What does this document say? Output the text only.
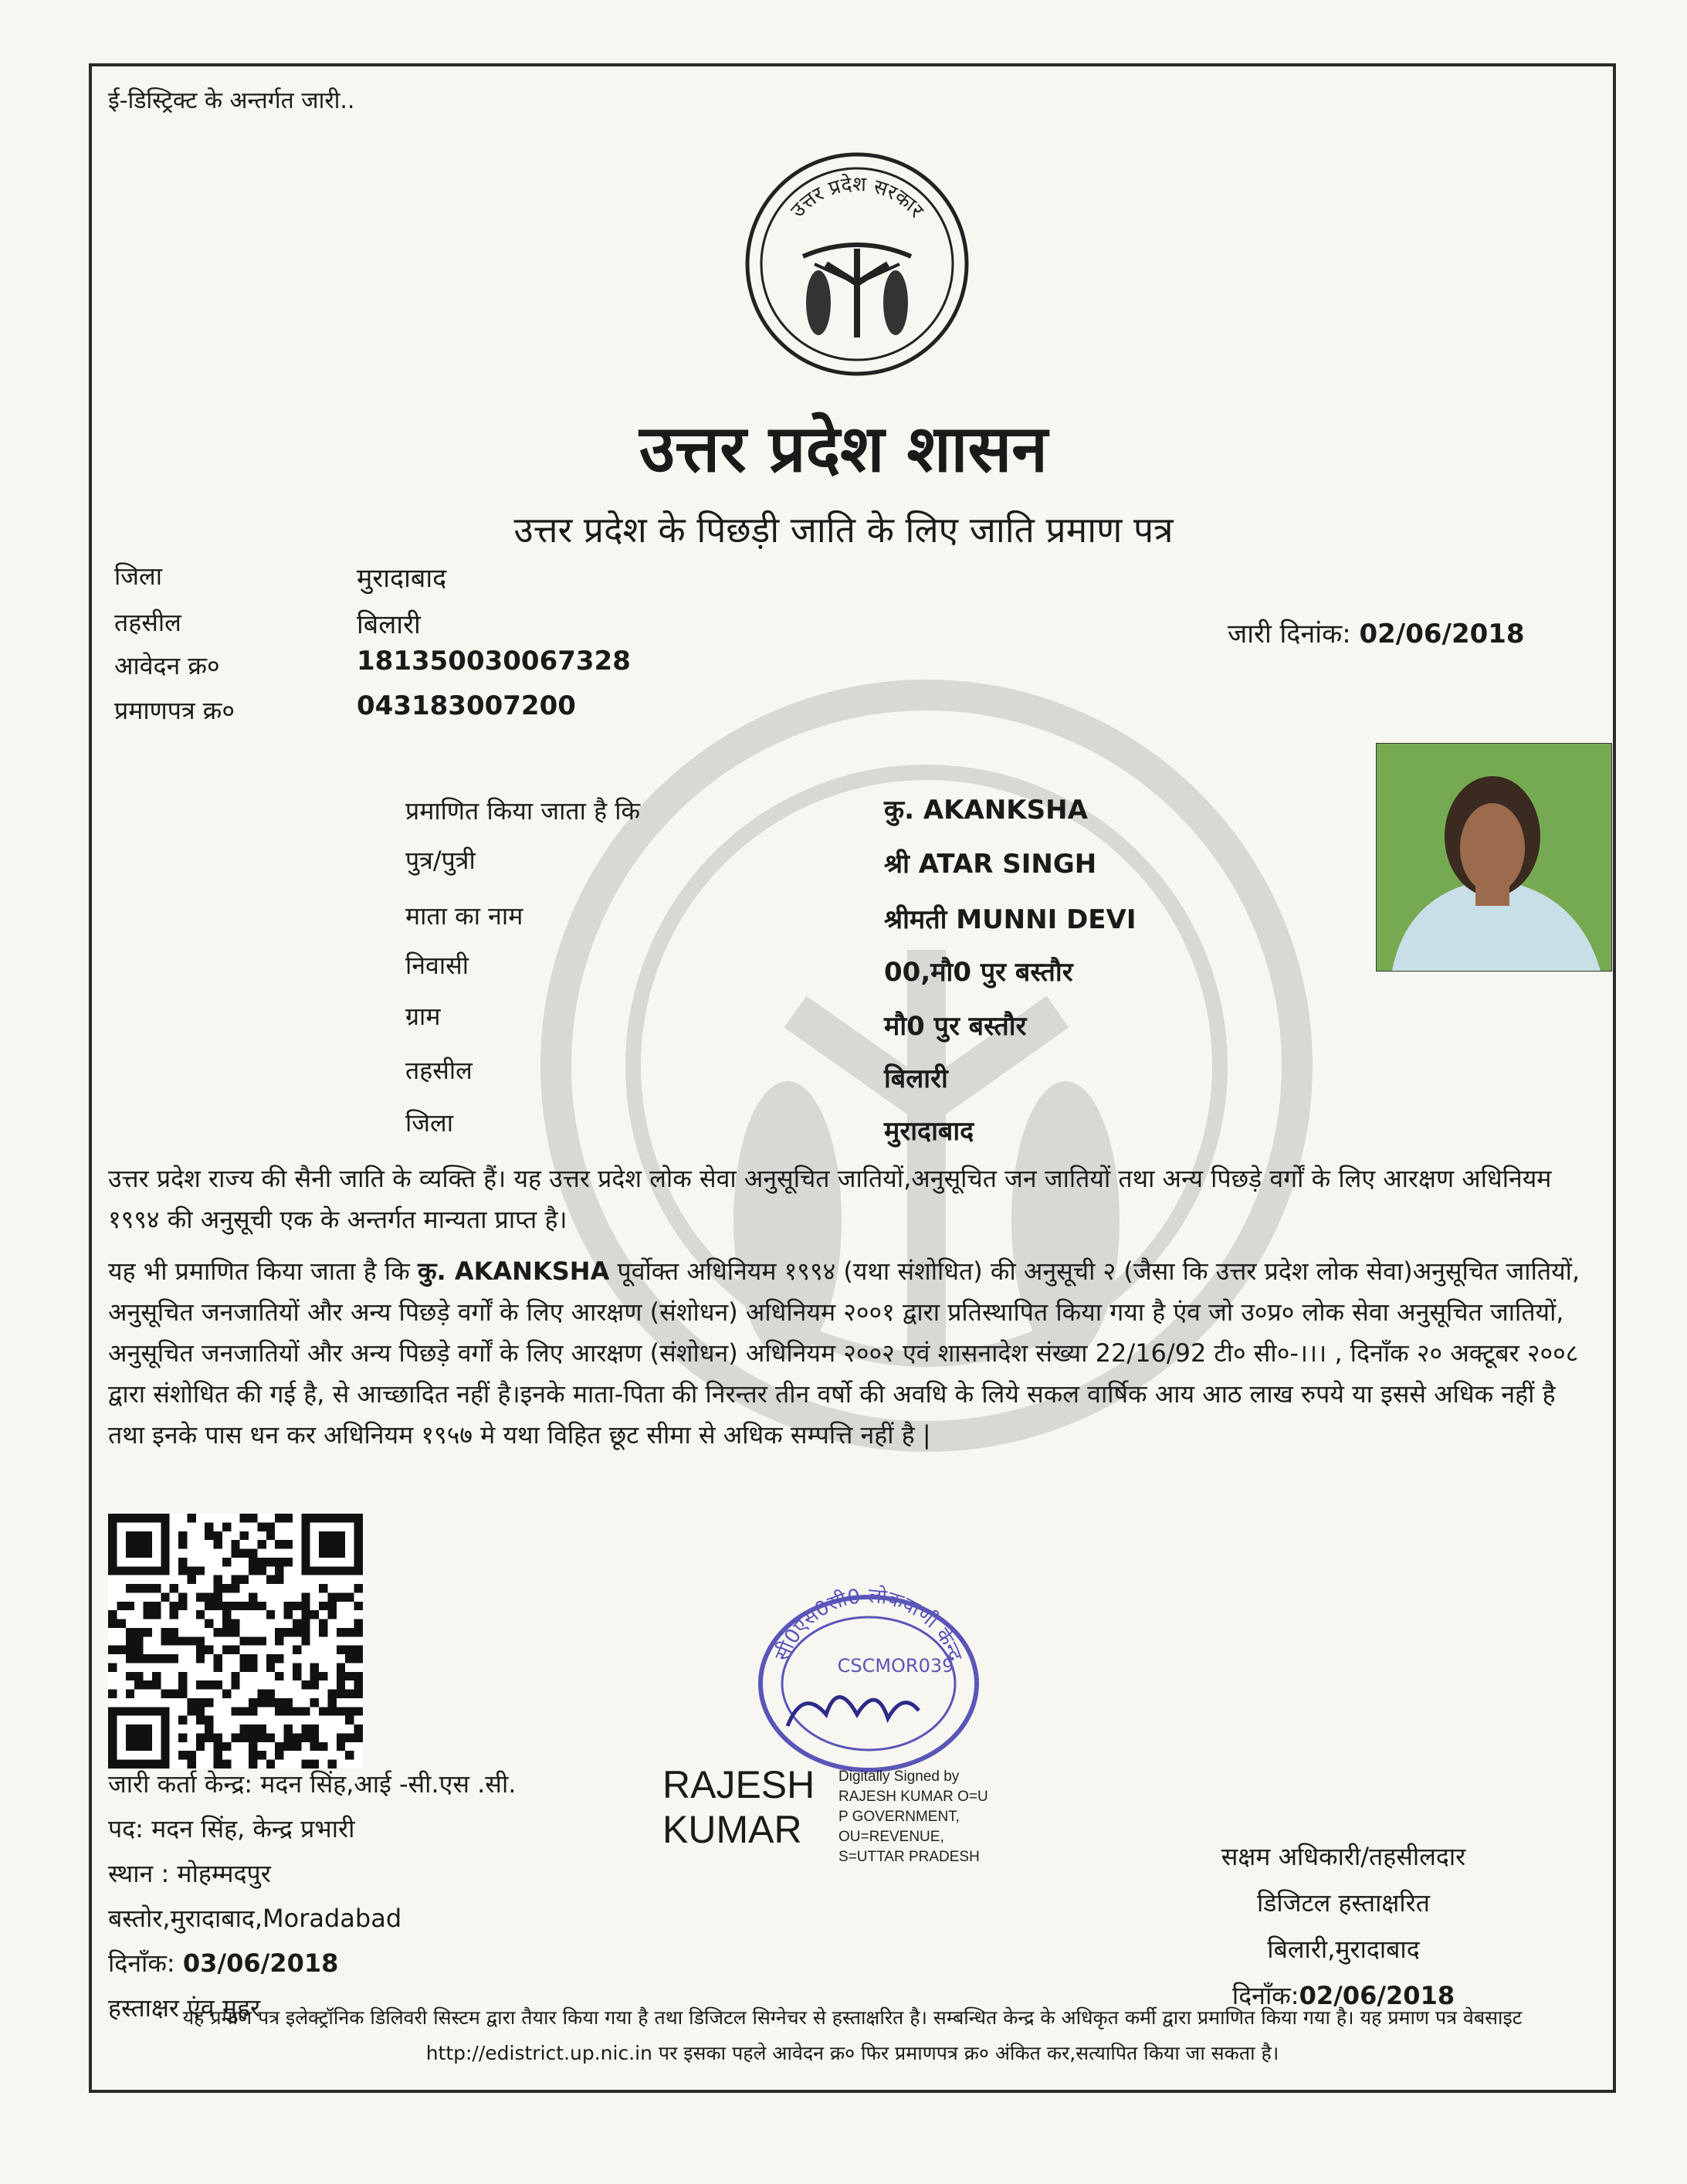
ई-डिस्ट्रिक्ट के अन्तर्गत जारी..
उत्तर प्रदेश सरकार
उत्तर प्रदेश शासन
उत्तर प्रदेश के पिछड़ी जाति के लिए जाति प्रमाण पत्र
जिला	मुरादाबाद
तहसील	बिलारी
आवेदन क्र०	181350030067328
प्रमाणपत्र क्र०	043183007200
जारी दिनांक: 02/06/2018
प्रमाणित किया जाता है कि	कु. AKANKSHA
पुत्र/पुत्री	श्री ATAR SINGH
माता का नाम	श्रीमती MUNNI DEVI
निवासी	00,मौ0 पुर बस्तौर
ग्राम	मौ0 पुर बस्तौर
तहसील	बिलारी
जिला	मुरादाबाद
उत्तर प्रदेश राज्य की सैनी जाति के व्यक्ति हैं। यह उत्तर प्रदेश लोक सेवा अनुसूचित जातियों,अनुसूचित जन जातियों तथा अन्य पिछड़े वर्गों के लिए आरक्षण अधिनियम १९९४ की अनुसूची एक के अन्तर्गत मान्यता प्राप्त है।
यह भी प्रमाणित किया जाता है कि कु. AKANKSHA पूर्वोक्त अधिनियम १९९४ (यथा संशोधित) की अनुसूची २ (जैसा कि उत्तर प्रदेश लोक सेवा)अनुसूचित जातियों, अनुसूचित जनजातियों और अन्य पिछड़े वर्गों के लिए आरक्षण (संशोधन) अधिनियम २००१ द्वारा प्रतिस्थापित किया गया है एंव जो उ०प्र० लोक सेवा अनुसूचित जातियों, अनुसूचित जनजातियों और अन्य पिछड़े वर्गों के लिए आरक्षण (संशोधन) अधिनियम २००२ एवं शासनादेश संख्या 22/16/92 टी० सी०-।।। , दिनाँक २० अक्टूबर २००८ द्वारा संशोधित की गई है, से आच्छादित नहीं है।इनके माता-पिता की निरन्तर तीन वर्षो की अवधि के लिये सकल वार्षिक आय आठ लाख रुपये या इससे अधिक नहीं है तथा इनके पास धन कर अधिनियम १९५७ मे यथा विहित छूट सीमा से अधिक सम्पत्ति नहीं है |
जारी कर्ता केन्द्र: मदन सिंह,आई -सी.एस .सी.
पद: मदन सिंह, केन्द्र प्रभारी
स्थान : मोहम्मदपुर
बस्तोर,मुरादाबाद,Moradabad
दिनाँक: 03/06/2018
हस्ताक्षर एंव मुहर
सी0एस0सी0 लोकवाणी केन्द्र
CSCMOR039
RAJESH
KUMAR
Digitally Signed by
RAJESH KUMAR O=U
P GOVERNMENT,
OU=REVENUE,
S=UTTAR PRADESH	सक्षम अधिकारी/तहसीलदार
डिजिटल हस्ताक्षरित
बिलारी,मुरादाबाद
दिनाँक:02/06/2018
यह प्रमाण पत्र इलेक्ट्रॉनिक डिलिवरी सिस्टम द्वारा तैयार किया गया है तथा डिजिटल सिग्नेचर से हस्ताक्षरित है। सम्बन्धित केन्द्र के अधिकृत कर्मी द्वारा प्रमाणित किया गया है। यह प्रमाण पत्र वेबसाइट http://edistrict.up.nic.in पर इसका पहले आवेदन क्र० फिर प्रमाणपत्र क्र० अंकित कर,सत्यापित किया जा सकता है।
